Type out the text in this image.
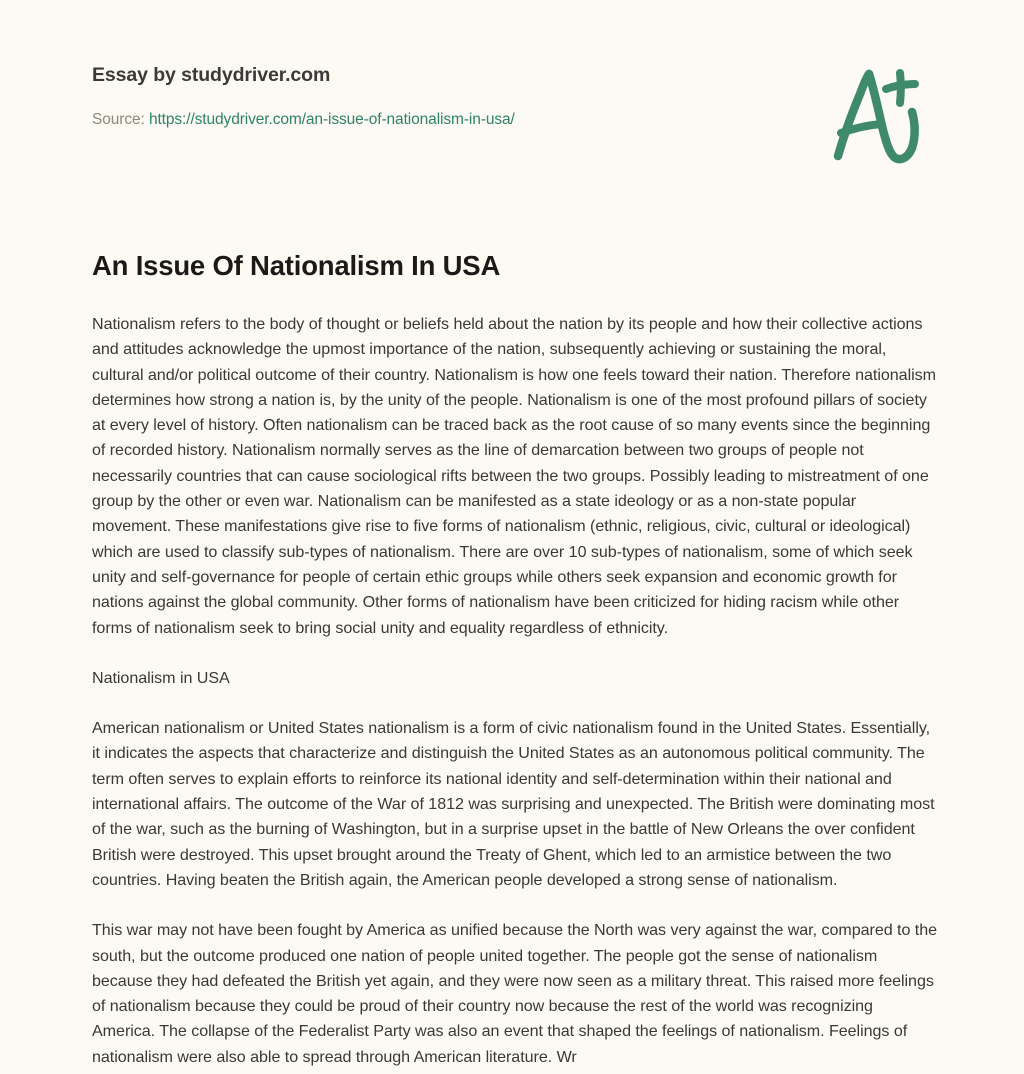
Essay by studydriver.com

Source: https://studydriver.com/an-issue-of-nationalism-in-usa/

An Issue Of Nationalism In USA

Nationalism refers to the body of thought or beliefs held about the nation by its people and how their collective actions and attitudes acknowledge the upmost importance of the nation, subsequently achieving or sustaining the moral, cultural and/or political outcome of their country. Nationalism is how one feels toward their nation. Therefore nationalism determines how strong a nation is, by the unity of the people. Nationalism is one of the most profound pillars of society at every level of history. Often nationalism can be traced back as the root cause of so many events since the beginning of recorded history. Nationalism normally serves as the line of demarcation between two groups of people not necessarily countries that can cause sociological rifts between the two groups. Possibly leading to mistreatment of one group by the other or even war. Nationalism can be manifested as a state ideology or as a non-state popular movement. These manifestations give rise to five forms of nationalism (ethnic, religious, civic, cultural or ideological) which are used to classify sub-types of nationalism. There are over 10 sub-types of nationalism, some of which seek unity and self-governance for people of certain ethic groups while others seek expansion and economic growth for nations against the global community. Other forms of nationalism have been criticized for hiding racism while other forms of nationalism seek to bring social unity and equality regardless of ethnicity.

Nationalism in USA

American nationalism or United States nationalism is a form of civic nationalism found in the United States. Essentially, it indicates the aspects that characterize and distinguish the United States as an autonomous political community. The term often serves to explain efforts to reinforce its national identity and self-determination within their national and international affairs. The outcome of the War of 1812 was surprising and unexpected. The British were dominating most of the war, such as the burning of Washington, but in a surprise upset in the battle of New Orleans the over confident British were destroyed. This upset brought around the Treaty of Ghent, which led to an armistice between the two countries. Having beaten the British again, the American people developed a strong sense of nationalism.

This war may not have been fought by America as unified because the North was very against the war, compared to the south, but the outcome produced one nation of people united together. The people got the sense of nationalism because they had defeated the British yet again, and they were now seen as a military threat. This raised more feelings of nationalism because they could be proud of their country now because the rest of the world was recognizing America. The collapse of the Federalist Party was also an event that shaped the feelings of nationalism. Feelings of nationalism were also able to spread through American literature. Wr
